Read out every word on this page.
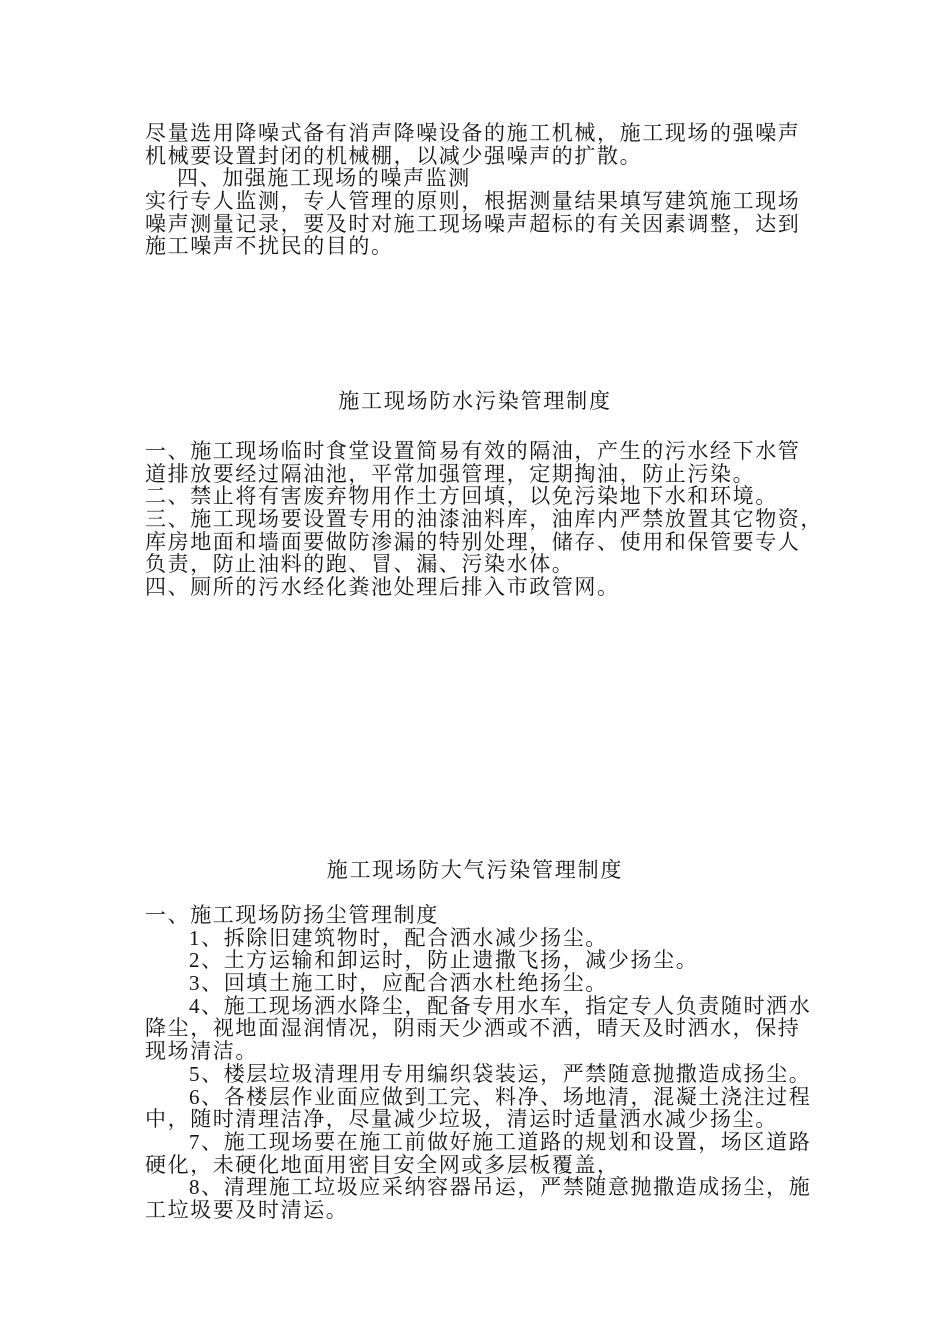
尽量选用降噪式备有消声降噪设备的施工机械，施工现场的强噪声
机械要设置封闭的机械棚，以减少强噪声的扩散。
四、加强施工现场的噪声监测
实行专人监测，专人管理的原则，根据测量结果填写建筑施工现场
噪声测量记录，要及时对施工现场噪声超标的有关因素调整，达到
施工噪声不扰民的目的。
施工现场防水污染管理制度
一、施工现场临时食堂设置简易有效的隔油，产生的污水经下水管
道排放要经过隔油池，平常加强管理，定期掏油，防止污染。
二、禁止将有害废弃物用作土方回填，以免污染地下水和环境。
三、施工现场要设置专用的油漆油料库，油库内严禁放置其它物资，
库房地面和墙面要做防渗漏的特别处理，储存、使用和保管要专人
负责，防止油料的跑、冒、漏、污染水体。
四、厕所的污水经化粪池处理后排入市政管网。
施工现场防大气污染管理制度
一、施工现场防扬尘管理制度
1、拆除旧建筑物时，配合洒水减少扬尘。
2、土方运输和卸运时，防止遗撒飞扬，减少扬尘。
3、回填土施工时，应配合洒水杜绝扬尘。
4、施工现场洒水降尘，配备专用水车，指定专人负责随时洒水
降尘，视地面湿润情况，阴雨天少洒或不洒，晴天及时洒水，保持
现场清洁。
5、楼层垃圾清理用专用编织袋装运，严禁随意抛撒造成扬尘。
6、各楼层作业面应做到工完、料净、场地清，混凝土浇注过程
中，随时清理洁净，尽量减少垃圾，清运时适量洒水减少扬尘。
7、施工现场要在施工前做好施工道路的规划和设置，场区道路
硬化，未硬化地面用密目安全网或多层板覆盖，
8、清理施工垃圾应采纳容器吊运，严禁随意抛撒造成扬尘，施
工垃圾要及时清运。
